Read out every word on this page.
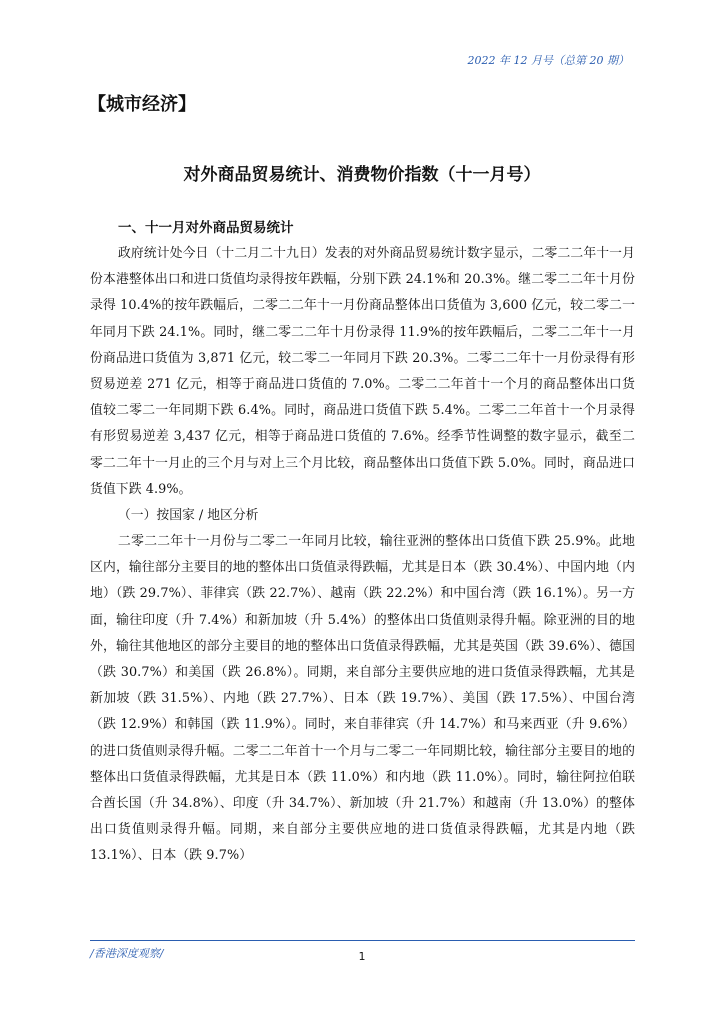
2022 年 12 月号（总第 20 期）
【城市经济】
对外商品贸易统计、消费物价指数（十一月号）
一、十一月对外商品贸易统计
政府统计处今日（十二月二十九日）发表的对外商品贸易统计数字显示，二零二二年十一月份本港整体出口和进口货值均录得按年跌幅，分别下跌 24.1%和 20.3%。继二零二二年十月份录得 10.4%的按年跌幅后，二零二二年十一月份商品整体出口货值为 3,600 亿元，较二零二一年同月下跌 24.1%。同时，继二零二二年十月份录得 11.9%的按年跌幅后，二零二二年十一月份商品进口货值为 3,871 亿元，较二零二一年同月下跌 20.3%。二零二二年十一月份录得有形贸易逆差 271 亿元，相等于商品进口货值的 7.0%。二零二二年首十一个月的商品整体出口货值较二零二一年同期下跌 6.4%。同时，商品进口货值下跌 5.4%。二零二二年首十一个月录得有形贸易逆差 3,437 亿元，相等于商品进口货值的 7.6%。经季节性调整的数字显示，截至二零二二年十一月止的三个月与对上三个月比较，商品整体出口货值下跌 5.0%。同时，商品进口货值下跌 4.9%。
（一）按国家 / 地区分析
二零二二年十一月份与二零二一年同月比较，输往亚洲的整体出口货值下跌 25.9%。此地区内，输往部分主要目的地的整体出口货值录得跌幅，尤其是日本（跌 30.4%）、中国内地（内地）（跌 29.7%）、菲律宾（跌 22.7%）、越南（跌 22.2%）和中国台湾（跌 16.1%）。另一方面，输往印度（升 7.4%）和新加坡（升 5.4%）的整体出口货值则录得升幅。除亚洲的目的地外，输往其他地区的部分主要目的地的整体出口货值录得跌幅，尤其是英国（跌 39.6%）、德国（跌 30.7%）和美国（跌 26.8%）。同期，来自部分主要供应地的进口货值录得跌幅，尤其是新加坡（跌 31.5%）、内地（跌 27.7%）、日本（跌 19.7%）、美国（跌 17.5%）、中国台湾（跌 12.9%）和韩国（跌 11.9%）。同时，来自菲律宾（升 14.7%）和马来西亚（升 9.6%）的进口货值则录得升幅。二零二二年首十一个月与二零二一年同期比较，输往部分主要目的地的整体出口货值录得跌幅，尤其是日本（跌 11.0%）和内地（跌 11.0%）。同时，输往阿拉伯联合酋长国（升 34.8%）、印度（升 34.7%）、新加坡（升 21.7%）和越南（升 13.0%）的整体出口货值则录得升幅。同期，来自部分主要供应地的进口货值录得跌幅，尤其是内地（跌 13.1%）、日本（跌 9.7%）
/香港深度观察/	1
